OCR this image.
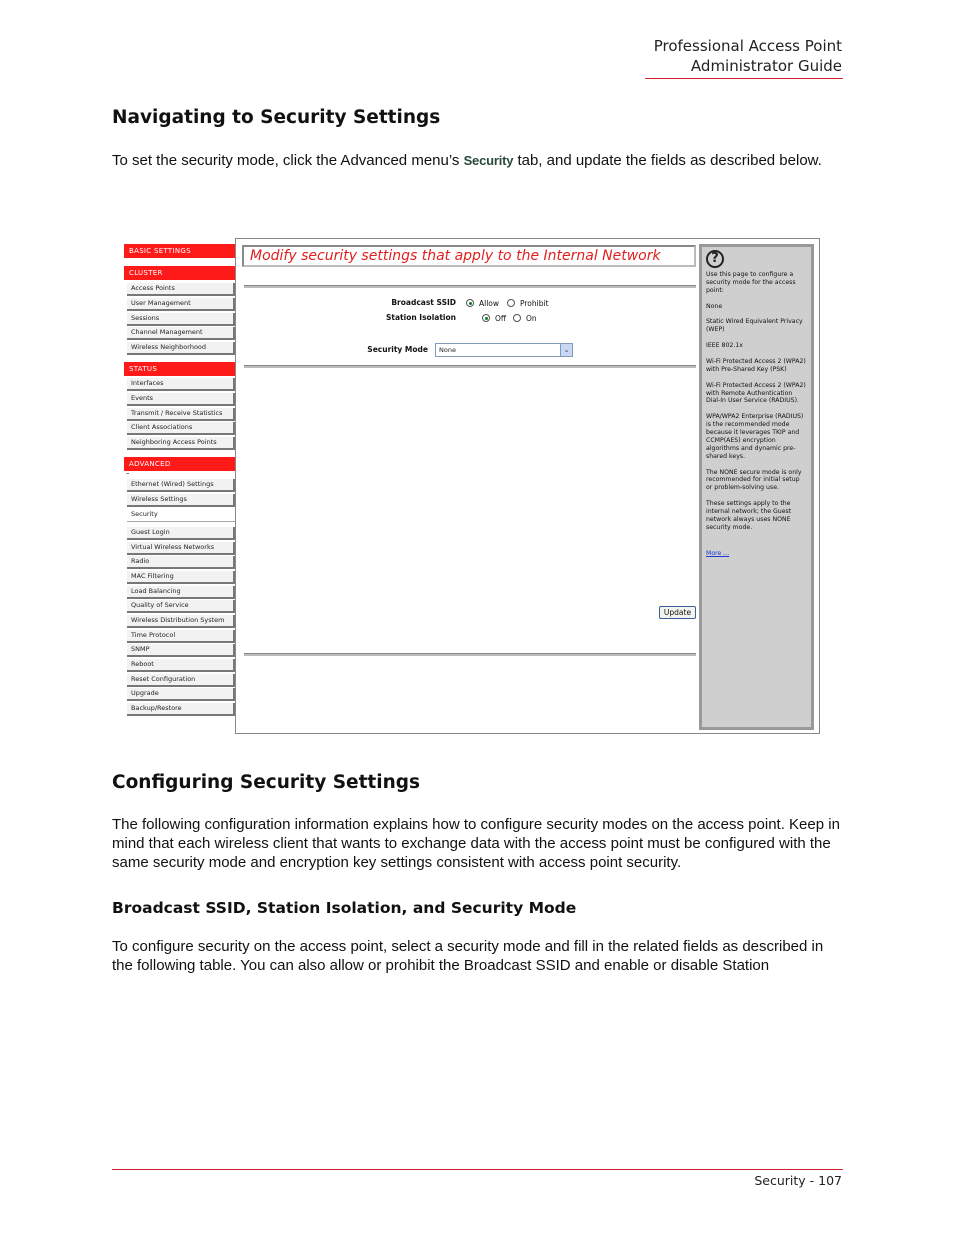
Professional Access Point
Administrator Guide
Navigating to Security Settings
To set the security mode, click the Advanced menu’s Security tab, and update the fields as described below.
BASIC SETTINGS
CLUSTER
Access Points
User Management
Sessions
Channel Management
Wireless Neighborhood
STATUS
Interfaces
Events
Transmit / Receive Statistics
Client Associations
Neighboring Access Points
ADVANCED
–
Ethernet (Wired) Settings
Wireless Settings
Security
Guest Login
Virtual Wireless Networks
Radio
MAC Filtering
Load Balancing
Quality of Service
Wireless Distribution System
Time Protocol
SNMP
Reboot
Reset Configuration
Upgrade
Backup/Restore
Modify security settings that apply to the Internal Network
Broadcast SSID	Allow	Prohibit
Station Isolation	Off	On
Security Mode	None	⌄
Update
?

Use this page to configure a security mode for the access point:

None

Static Wired Equivalent Privacy (WEP)

IEEE 802.1x

Wi-Fi Protected Access 2 (WPA2) with Pre-Shared Key (PSK)

Wi-Fi Protected Access 2 (WPA2) with Remote Authentication Dial-In User Service (RADIUS).

WPA/WPA2 Enterprise (RADIUS) is the recommended mode because it leverages TKIP and CCMP(AES) encryption algorithms and dynamic pre-shared keys.

The NONE secure mode is only recommended for initial setup or problem-solving use.

These settings apply to the internal network; the Guest network always uses NONE security mode.

More ...
Configuring Security Settings
The following configuration information explains how to configure security modes on the access point. Keep in mind that each wireless client that wants to exchange data with the access point must be configured with the same security mode and encryption key settings consistent with access point security.
Broadcast SSID, Station Isolation, and Security Mode
To configure security on the access point, select a security mode and fill in the related fields as described in the following table. You can also allow or prohibit the Broadcast SSID and enable or disable Station
Security - 107
